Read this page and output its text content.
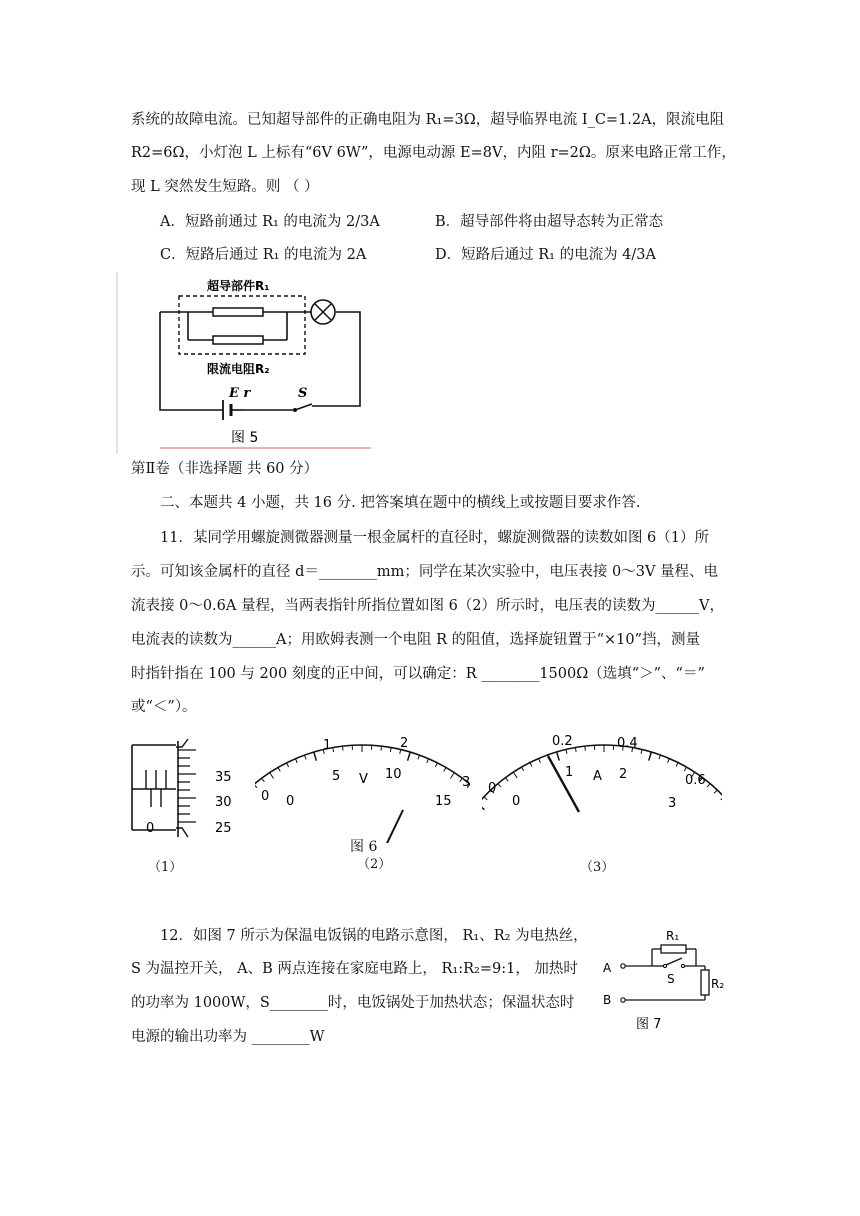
系统的故障电流。已知超导部件的正确电阻为 R₁=3Ω，超导临界电流 I_C=1.2A，限流电阻
R2=6Ω，小灯泡 L 上标有“6V 6W”，电源电动源 E=8V，内阻 r=2Ω。原来电路正常工作，
现 L 突然发生短路。则 （ ）
A．短路前通过 R₁ 的电流为 2/3A	B．超导部件将由超导态转为正常态
C．短路后通过 R₁ 的电流为 2A	D．短路后通过 R₁ 的电流为 4/3A
超导部件R₁
限流电阻R₂
E r	S
图 5
第Ⅱ卷（非选择题 共 60 分）
二、本题共 4 小题，共 16 分. 把答案填在题中的横线上或按题目要求作答.
11．某同学用螺旋测微器测量一根金属杆的直径时，螺旋测微器的读数如图 6（1）所
示。可知该金属杆的直径 d＝________mm；同学在某次实验中，电压表接 0～3V 量程、电
流表接 0～0.6A 量程，当两表指针所指位置如图 6（2）所示时，电压表的读数为______V，
电流表的读数为______A；用欧姆表测一个电阻 R 的阻值，选择旋钮置于“×10”挡，测量
时指针指在 100 与 200 刻度的正中间，可以确定：R ________1500Ω（选填“＞”、“＝”
或“＜”）。
35
30
25
0
0
1	2
3
0
5	10
15
V
0
0.2	0.4
0.6
0
1	2
3
A
图 6
（1）	（2）	（3）
12．如图 7 所示为保温电饭锅的电路示意图， R₁、R₂ 为电热丝，
S 为温控开关， A、B 两点连接在家庭电路上， R₁:R₂=9:1， 加热时
的功率为 1000W，S________时，电饭锅处于加热状态；保温状态时
电源的输出功率为 ________W
R₁
S	R₂
A
B
图 7
